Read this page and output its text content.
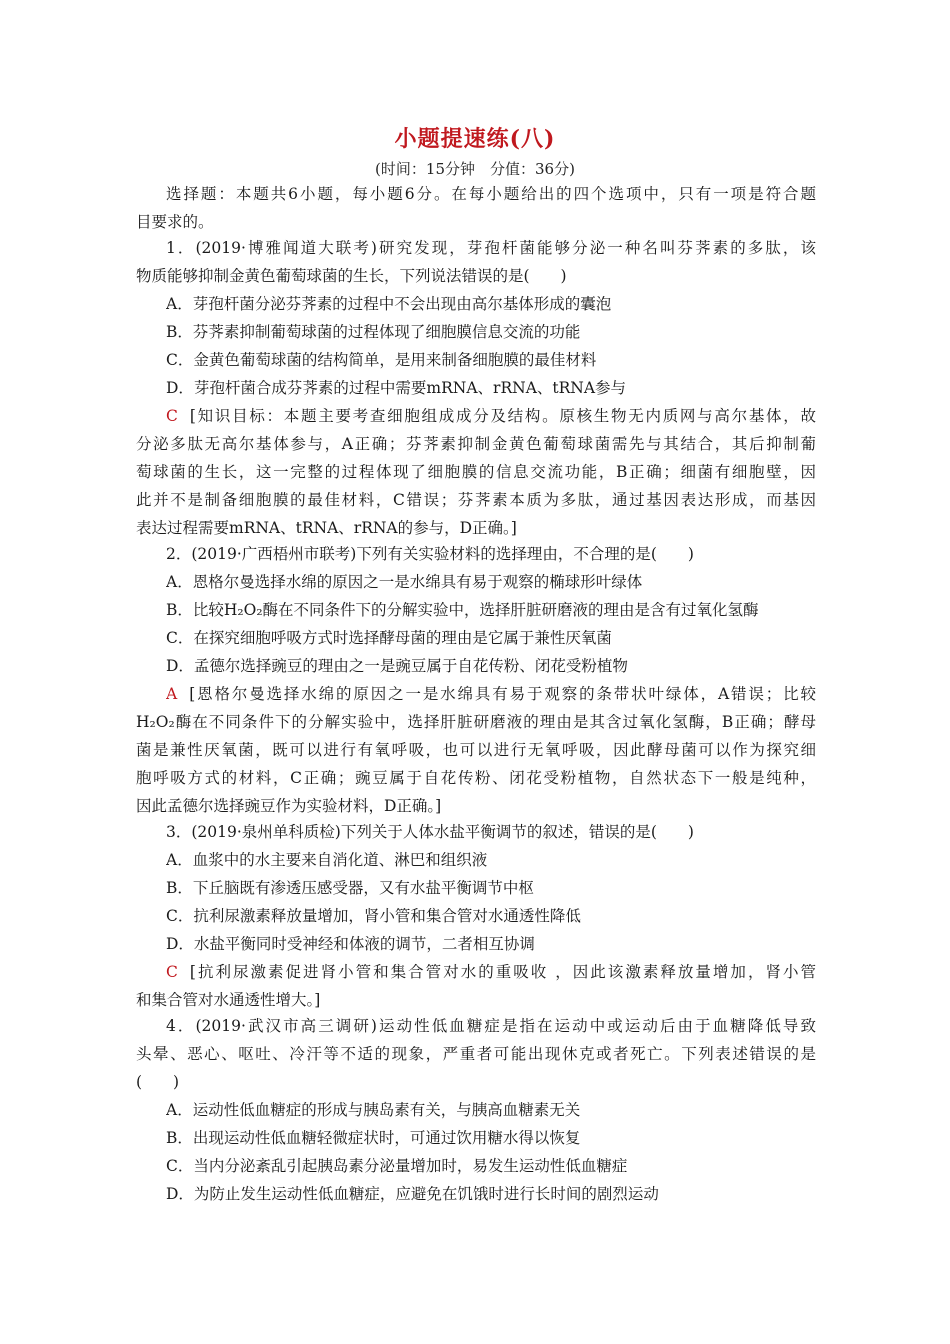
小题提速练(八)
(时间：15分钟　分值：36分)
选择题：本题共6小题，每小题6分。在每小题给出的四个选项中，只有一项是符合题
目要求的。
1．(2019·博雅闻道大联考)研究发现，芽孢杆菌能够分泌一种名叫芬荠素的多肽，该
物质能够抑制金黄色葡萄球菌的生长，下列说法错误的是(　　)
A．芽孢杆菌分泌芬荠素的过程中不会出现由高尔基体形成的囊泡
B．芬荠素抑制葡萄球菌的过程体现了细胞膜信息交流的功能
C．金黄色葡萄球菌的结构简单，是用来制备细胞膜的最佳材料
D．芽孢杆菌合成芬荠素的过程中需要mRNA、rRNA、tRNA参与
C [知识目标：本题主要考查细胞组成成分及结构。原核生物无内质网与高尔基体，故
分泌多肽无高尔基体参与，A正确；芬荠素抑制金黄色葡萄球菌需先与其结合，其后抑制葡
萄球菌的生长，这一完整的过程体现了细胞膜的信息交流功能，B正确；细菌有细胞壁，因
此并不是制备细胞膜的最佳材料，C错误；芬荠素本质为多肽，通过基因表达形成，而基因
表达过程需要mRNA、tRNA、rRNA的参与，D正确。]
2．(2019·广西梧州市联考)下列有关实验材料的选择理由，不合理的是(　　)
A．恩格尔曼选择水绵的原因之一是水绵具有易于观察的椭球形叶绿体
B．比较H₂O₂酶在不同条件下的分解实验中，选择肝脏研磨液的理由是含有过氧化氢酶
C．在探究细胞呼吸方式时选择酵母菌的理由是它属于兼性厌氧菌
D．孟德尔选择豌豆的理由之一是豌豆属于自花传粉、闭花受粉植物
A [恩格尔曼选择水绵的原因之一是水绵具有易于观察的条带状叶绿体，A错误；比较
H₂O₂酶在不同条件下的分解实验中，选择肝脏研磨液的理由是其含过氧化氢酶，B正确；酵母
菌是兼性厌氧菌，既可以进行有氧呼吸，也可以进行无氧呼吸，因此酵母菌可以作为探究细
胞呼吸方式的材料，C正确；豌豆属于自花传粉、闭花受粉植物，自然状态下一般是纯种，
因此孟德尔选择豌豆作为实验材料，D正确。]
3．(2019·泉州单科质检)下列关于人体水盐平衡调节的叙述，错误的是(　　)
A．血浆中的水主要来自消化道、淋巴和组织液
B．下丘脑既有渗透压感受器，又有水盐平衡调节中枢
C．抗利尿激素释放量增加，肾小管和集合管对水通透性降低
D．水盐平衡同时受神经和体液的调节，二者相互协调
C [抗利尿激素促进肾小管和集合管对水的重吸收 ，因此该激素释放量增加，肾小管
和集合管对水通透性增大。]
4．(2019·武汉市高三调研)运动性低血糖症是指在运动中或运动后由于血糖降低导致
头晕、恶心、呕吐、冷汗等不适的现象，严重者可能出现休克或者死亡。下列表述错误的是
(　　)
A．运动性低血糖症的形成与胰岛素有关，与胰高血糖素无关
B．出现运动性低血糖轻微症状时，可通过饮用糖水得以恢复
C．当内分泌紊乱引起胰岛素分泌量增加时，易发生运动性低血糖症
D．为防止发生运动性低血糖症，应避免在饥饿时进行长时间的剧烈运动
